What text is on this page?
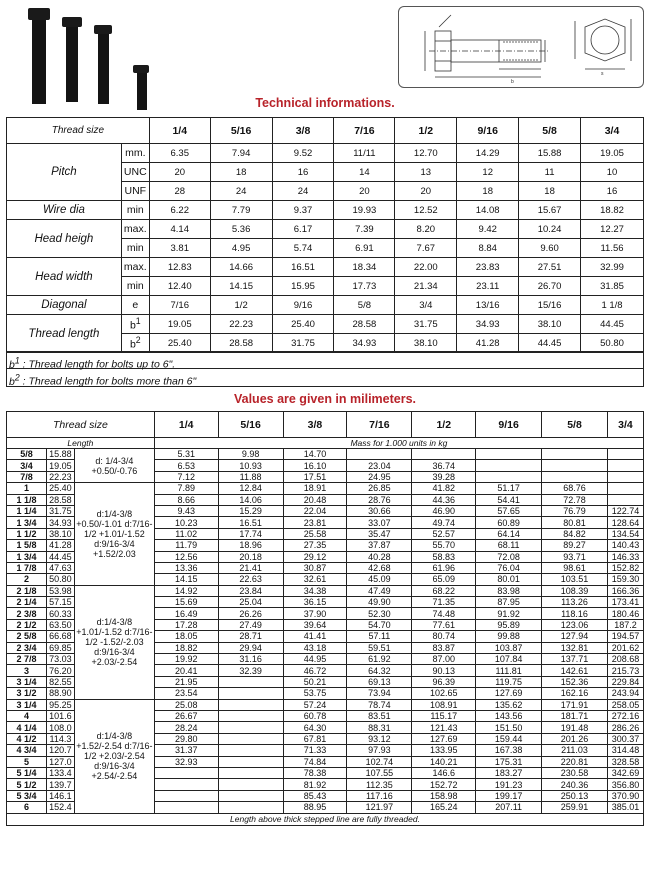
b
s
Technical informations.
Thread size		1/4	5/16	3/8	7/16	1/2	9/16	5/8	3/4
Pitch	mm.	6.35	7.94	9.52	11/11	12.70	14.29	15.88	19.05
	UNC	20	18	16	14	13	12	11	10
	UNF	28	24	24	20	20	18	18	16
Wire dia	min	6.22	7.79	9.37	19.93	12.52	14.08	15.67	18.82
Head heigh	max.	4.14	5.36	6.17	7.39	8.20	9.42	10.24	12.27
	min	3.81	4.95	5.74	6.91	7.67	8.84	9.60	11.56
Head width	max.	12.83	14.66	16.51	18.34	22.00	23.83	27.51	32.99
	min	12.40	14.15	15.95	17.73	21.34	23.11	26.70	31.85
Diagonal	e	7/16	1/2	9/16	5/8	3/4	13/16	15/16	1 1/8
Thread length	$b^1$	19.05	22.23	25.40	28.58	31.75	34.93	38.10	44.45
	$b^2$	25.40	28.58	31.75	34.93	38.10	41.28	44.45	50.80
$b^1$ : Thread length for bolts up to 6".
$b^2$ : Thread length for bolts more than 6"
Values are given in milimeters.
Thread size			1/4	5/16	3/8	7/16	1/2	9/16	5/8	3/4
Length			Mass for 1.000 units in kg							
5/8	15.88	d: 1/4-3/4 +0.50/-0.76	5.31	9.98	14.70					
3/4	19.05		6.53	10.93	16.10	23.04	36.74			
7/8	22.23		7.12	11.88	17.51	24.95	39.28			
1	25.40	d:1/4-3/8 +0.50/-1.01 d:7/16-1/2 +1.01/-1.52 d:9/16-3/4 +1.52/2.03	7.89	12.84	18.91	26.85	41.82	51.17	68.76	
1 1/8	28.58		8.66	14.06	20.48	28.76	44.36	54.41	72.78	
1 1/4	31.75		9.43	15.29	22.04	30.66	46.90	57.65	76.79	122.74
1 3/4	34.93		10.23	16.51	23.81	33.07	49.74	60.89	80.81	128.64
1 1/2	38.10		11.02	17.74	25.58	35.47	52.57	64.14	84.82	134.54
1 5/8	41.28		11.79	18.96	27.35	37.87	55.70	68.11	89.27	140.43
1 3/4	44.45		12.56	20.18	29.12	40.28	58.83	72.08	93.71	146.33
1 7/8	47.63		13.36	21.41	30.87	42.68	61.96	76.04	98.61	152.82
2	50.80		14.15	22.63	32.61	45.09	65.09	80.01	103.51	159.30
2 1/8	53.98	d:1/4-3/8 +1.01/-1.52 d:7/16-1/2 -1.52/-2.03 d:9/16-3/4 +2.03/-2.54	14.92	23.84	34.38	47.49	68.22	83.98	108.39	166.36
2 1/4	57.15		15.69	25.04	36.15	49.90	71.35	87.95	113.26	173.41
2 3/8	60.33		16.49	26.26	37.90	52.30	74.48	91.92	118.16	180.46
2 1/2	63.50		17.28	27.49	39.64	54.70	77.61	95.89	123.06	187.2
2 5/8	66.68		18.05	28.71	41.41	57.11	80.74	99.88	127.94	194.57
2 3/4	69.85		18.82	29.94	43.18	59.51	83.87	103.87	132.81	201.62
2 7/8	73.03		19.92	31.16	44.95	61.92	87.00	107.84	137.71	208.68
3	76.20		20.41	32.39	46.72	64.32	90.13	111.81	142.61	215.73
3 1/4	82.55		21.95		50.21	69.13	96.39	119.75	152.36	229.84
3 1/2	88.90		23.54		53.75	73.94	102.65	127.69	162.16	243.94
3 1/4	95.25	d:1/4-3/8 +1.52/-2.54 d:7/16-1/2 +2.03/-2.54 d:9/16-3/4 +2.54/-2.54	25.08		57.24	78.74	108.91	135.62	171.91	258.05
4	101.6		26.67		60.78	83.51	115.17	143.56	181.71	272.16
4 1/4	108.0		28.24		64.30	88.31	121.43	151.50	191.48	286.26
4 1/2	114.3		29.80		67.81	93.12	127.69	159.44	201.26	300.37
4 3/4	120.7		31.37		71.33	97.93	133.95	167.38	211.03	314.48
5	127.0		32.93		74.84	102.74	140.21	175.31	220.81	328.58
5 1/4	133.4				78.38	107.55	146.6	183.27	230.58	342.69
5 1/2	139.7				81.92	112.35	152.72	191.23	240.36	356.80
5 3/4	146.1				85.43	117.16	158.98	199.17	250.13	370.90
6	152.4				88.95	121.97	165.24	207.11	259.91	385.01
Length above thick stepped line are fully threaded.										
